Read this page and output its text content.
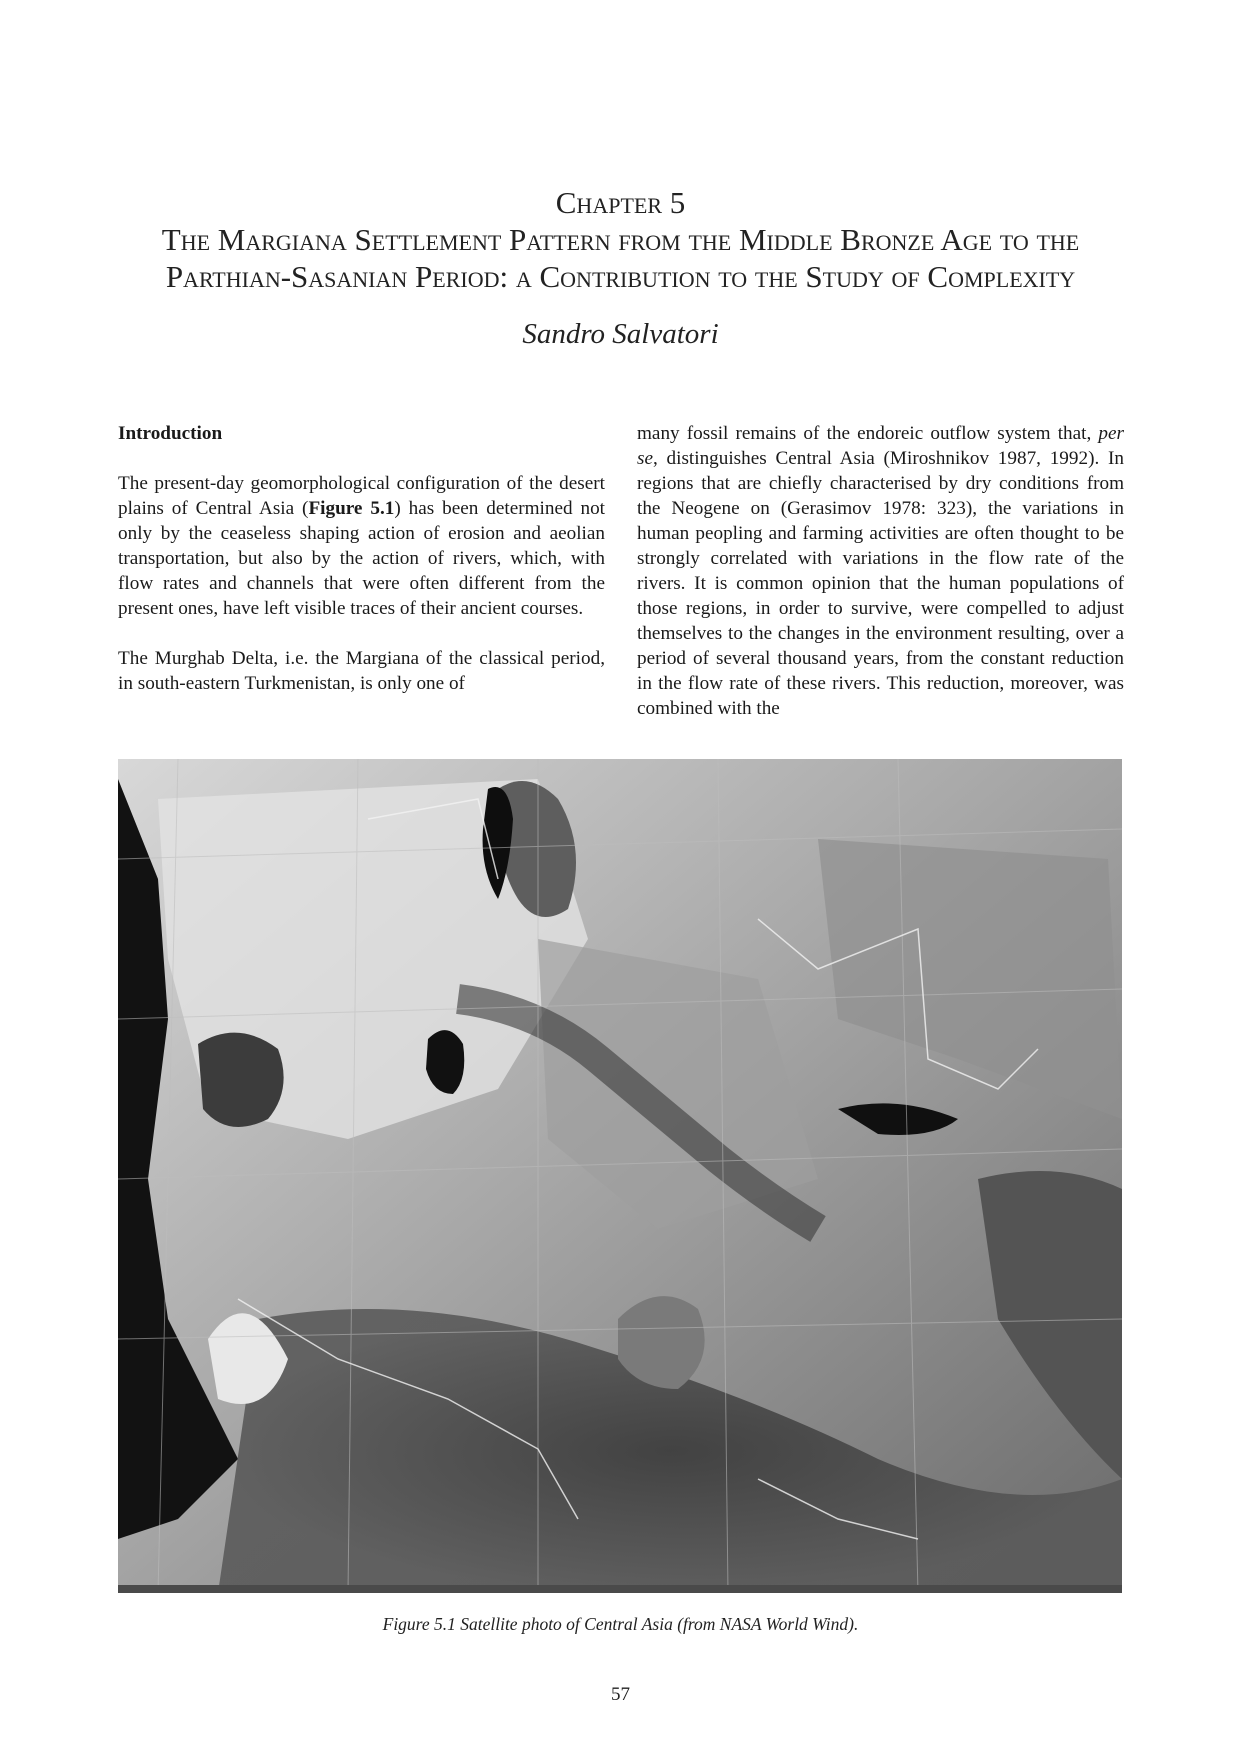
Chapter 5
The Margiana Settlement Pattern from the Middle Bronze Age to the
Parthian-Sasanian Period: a Contribution to the Study of Complexity
Sandro Salvatori
Introduction

The present-day geomorphological configuration of the desert plains of Central Asia (Figure 5.1) has been determined not only by the ceaseless shaping action of erosion and aeolian transportation, but also by the action of rivers, which, with flow rates and channels that were often different from the present ones, have left visible traces of their ancient courses.

The Murghab Delta, i.e. the Margiana of the classical period, in south-eastern Turkmenistan, is only one of

many fossil remains of the endoreic outflow system that, per se, distinguishes Central Asia (Miroshnikov 1987, 1992). In regions that are chiefly characterised by dry conditions from the Neogene on (Gerasimov 1978: 323), the variations in human peopling and farming activities are often thought to be strongly correlated with variations in the flow rate of the rivers. It is common opinion that the human populations of those regions, in order to survive, were compelled to adjust themselves to the changes in the environment resulting, over a period of several thousand years, from the constant reduction in the flow rate of these rivers. This reduction, moreover, was combined with the

Figure 5.1 Satellite photo of Central Asia (from NASA World Wind).
57
